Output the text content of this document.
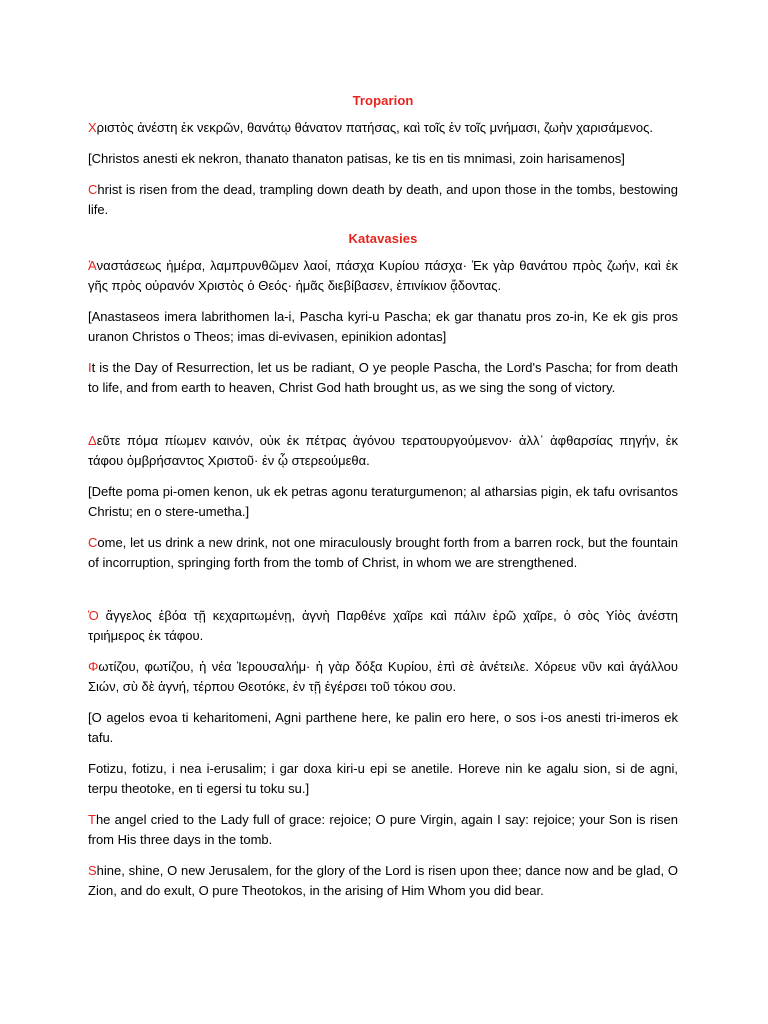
Troparion

Χριστὸς ἀνέστη ἐκ νεκρῶν, θανάτῳ θάνατον πατήσας, καὶ τοῖς ἐν τοῖς μνήμασι, ζωὴν χαρισάμενος.

[Christos anesti ek nekron, thanato thanaton patisas, ke tis en tis mnimasi, zoin harisamenos]

Christ is risen from the dead, trampling down death by death, and upon those in the tombs, bestowing life.

Katavasies

Ἀναστάσεως ἡμέρα, λαμπρυνθῶμεν λαοί, πάσχα Κυρίου πάσχα· Ἐκ γὰρ θανάτου πρὸς ζωήν, καὶ ἐκ γῆς πρὸς οὐρανόν Χριστὸς ὁ Θεός· ἡμᾶς διεβίβασεν, ἐπινίκιον ᾄδοντας.

[Anastaseos imera labrithomen la-i, Pascha kyri-u Pascha; ek gar thanatu pros zo-in, Ke ek gis pros uranon Christos o Theos; imas di-evivasen, epinikion adontas]

It is the Day of Resurrection, let us be radiant, O ye people Pascha, the Lord's Pascha; for from death to life, and from earth to heaven, Christ God hath brought us, as we sing the song of victory.

Δεῦτε πόμα πίωμεν καινόν, οὐκ ἐκ πέτρας ἀγόνου τερατουργούμενον· ἀλλ᾿ ἀφθαρσίας πηγήν, ἐκ τάφου ὀμβρήσαντος Χριστοῦ· ἐν ᾧ στερεούμεθα.

[Defte poma pi-omen kenon, uk ek petras agonu teraturgumenon; al atharsias pigin, ek tafu ovrisantos Christu; en o stere-umetha.]

Come, let us drink a new drink, not one miraculously brought forth from a barren rock, but the fountain of incorruption, springing forth from the tomb of Christ, in whom we are strengthened.

Ὁ ἄγγελος ἐβόα τῇ κεχαριτωμένῃ, ἁγνὴ Παρθένε χαῖρε καὶ πάλιν ἐρῶ χαῖρε, ὁ σὸς Υἱὸς ἀνέστη τριήμερος ἐκ τάφου.

Φωτίζου, φωτίζου, ἡ νέα Ἱερουσαλήμ· ἡ γὰρ δόξα Κυρίου, ἐπὶ σὲ ἀνέτειλε. Χόρευε νῦν καὶ ἀγάλλου Σιών, σὺ δὲ ἁγνή, τέρπου Θεοτόκε, ἐν τῇ ἐγέρσει τοῦ τόκου σου.

[O agelos evoa ti keharitomeni, Agni parthene here, ke palin ero here, o sos i-os anesti tri-imeros ek tafu.

Fotizu, fotizu, i nea i-erusalim; i gar doxa kiri-u epi se anetile. Horeve nin ke agalu sion, si de agni, terpu theotoke, en ti egersi tu toku su.]

The angel cried to the Lady full of grace: rejoice; O pure Virgin, again I say: rejoice; your Son is risen from His three days in the tomb.

Shine, shine, O new Jerusalem, for the glory of the Lord is risen upon thee; dance now and be glad, O Zion, and do exult, O pure Theotokos, in the arising of Him Whom you did bear.
